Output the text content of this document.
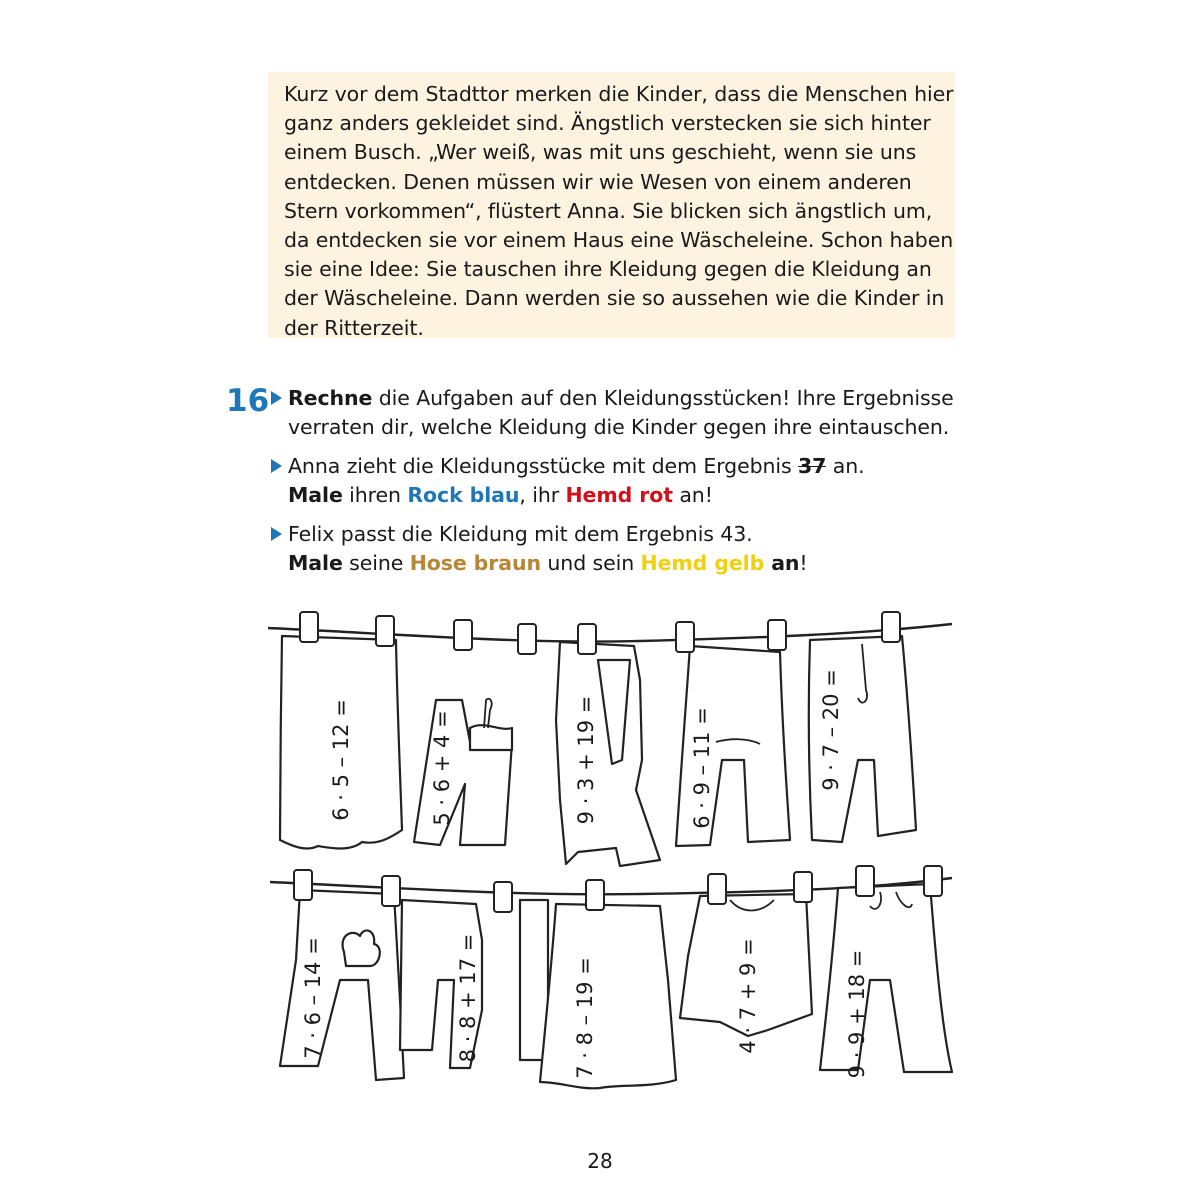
Kurz vor dem Stadttor merken die Kinder, dass die Menschen hier
ganz anders gekleidet sind. Ängstlich verstecken sie sich hinter
einem Busch. „Wer weiß, was mit uns geschieht, wenn sie uns
entdecken. Denen müssen wir wie Wesen von einem anderen
Stern vorkommen“, flüstert Anna. Sie blicken sich ängstlich um,
da entdecken sie vor einem Haus eine Wäscheleine. Schon haben
sie eine Idee: Sie tauschen ihre Kleidung gegen die Kleidung an
der Wäscheleine. Dann werden sie so aussehen wie die Kinder in
der Ritterzeit.
16 Rechne die Aufgaben auf den Kleidungsstücken! Ihre Ergebnisse
verraten dir, welche Kleidung die Kinder gegen ihre eintauschen.
Anna zieht die Kleidungsstücke mit dem Ergebnis 37 an.
Male ihren Rock blau, ihr Hemd rot an!
Felix passt die Kleidung mit dem Ergebnis 43.
Male seine Hose braun und sein Hemd gelb an!
6 · 5 – 12 =	5 · 6 + 4 =	9 · 3 + 19 =	6 · 9 – 11 =	9 · 7 – 20 =
7 · 6 – 14 =	8 · 8 + 17 =	7 · 8 – 19 =	4 · 7 + 9 =	9 · 9 + 18 =
28
